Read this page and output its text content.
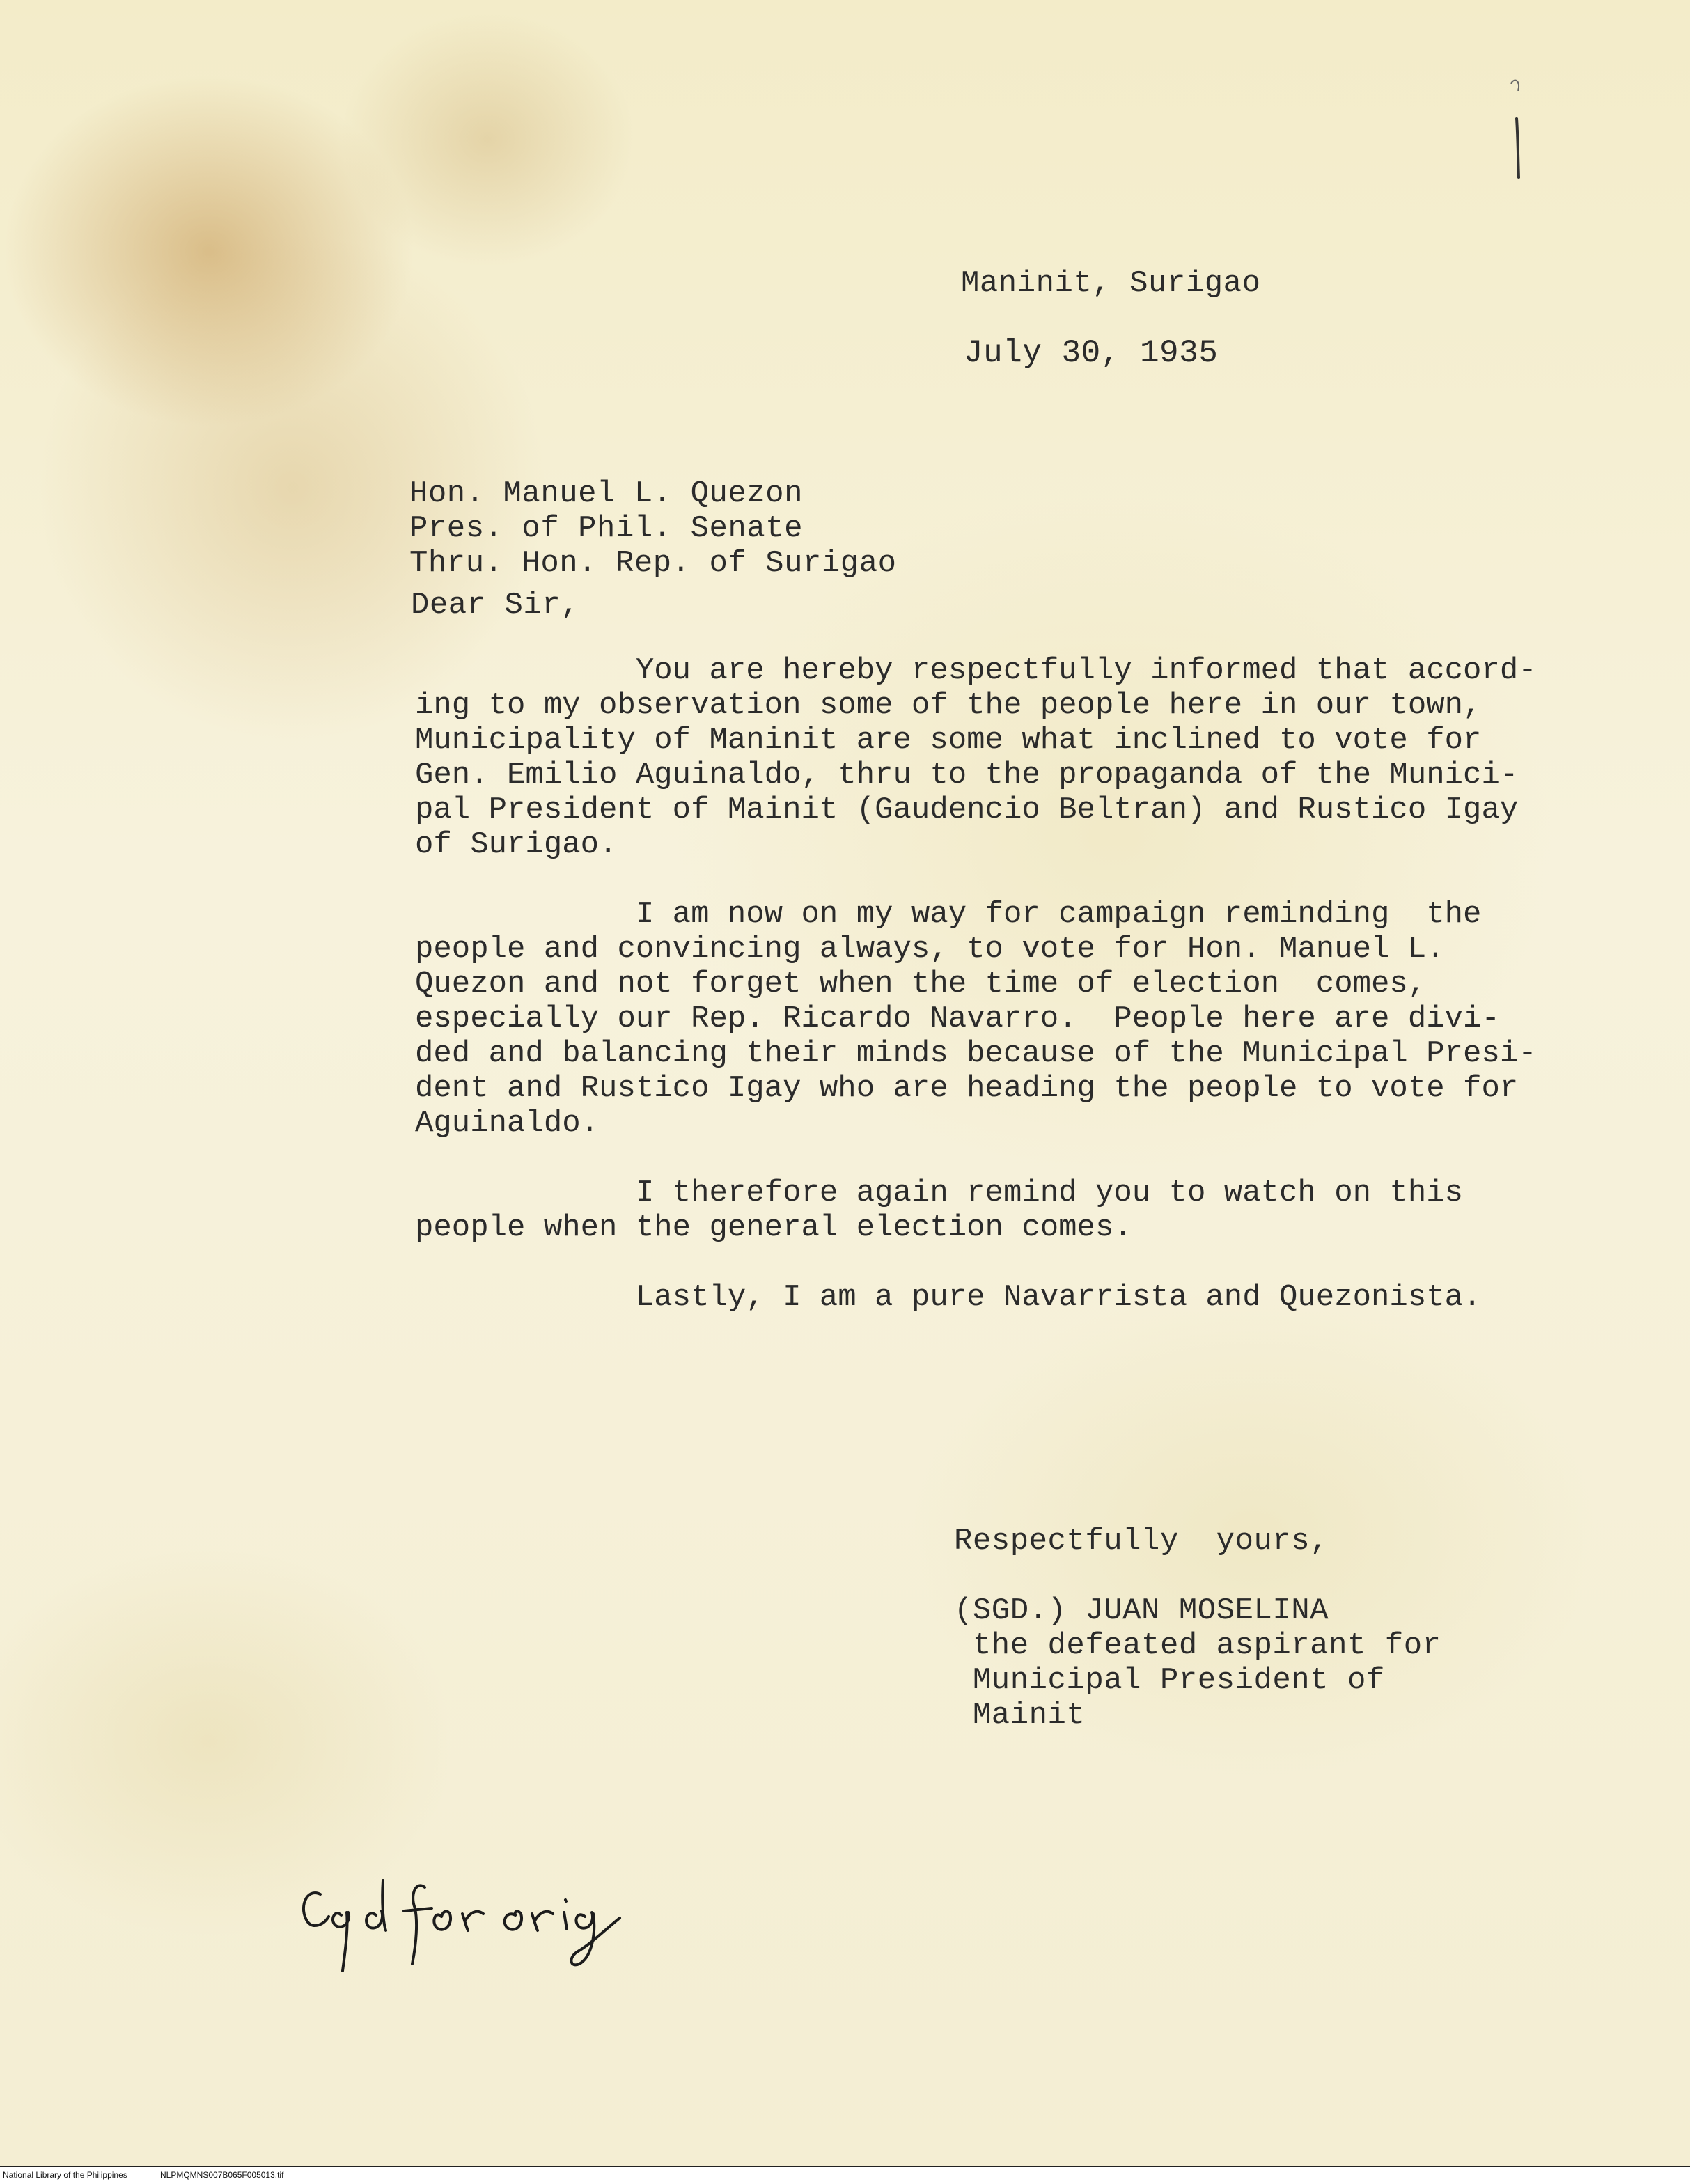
Maninit, Surigao
July 30, 1935
Hon. Manuel L. Quezon
Pres. of Phil. Senate
Thru. Hon. Rep. of Surigao
Dear Sir,
You are hereby respectfully informed that accord-
ing to my observation some of the people here in our town,
Municipality of Maninit are some what inclined to vote for
Gen. Emilio Aguinaldo, thru to the propaganda of the Munici-
pal President of Mainit (Gaudencio Beltran) and Rustico Igay
of Surigao.
I am now on my way for campaign reminding  the
people and convincing always, to vote for Hon. Manuel L.
Quezon and not forget when the time of election  comes,
especially our Rep. Ricardo Navarro.  People here are divi-
ded and balancing their minds because of the Municipal Presi-
dent and Rustico Igay who are heading the people to vote for
Aguinaldo.
I therefore again remind you to watch on this
people when the general election comes.
Lastly, I am a pure Navarrista and Quezonista.
Respectfully  yours,
(SGD.) JUAN MOSELINA
the defeated aspirant for
Municipal President of
Mainit
National Library of the Philippines	NLPMQMNS007B065F005013.tif
